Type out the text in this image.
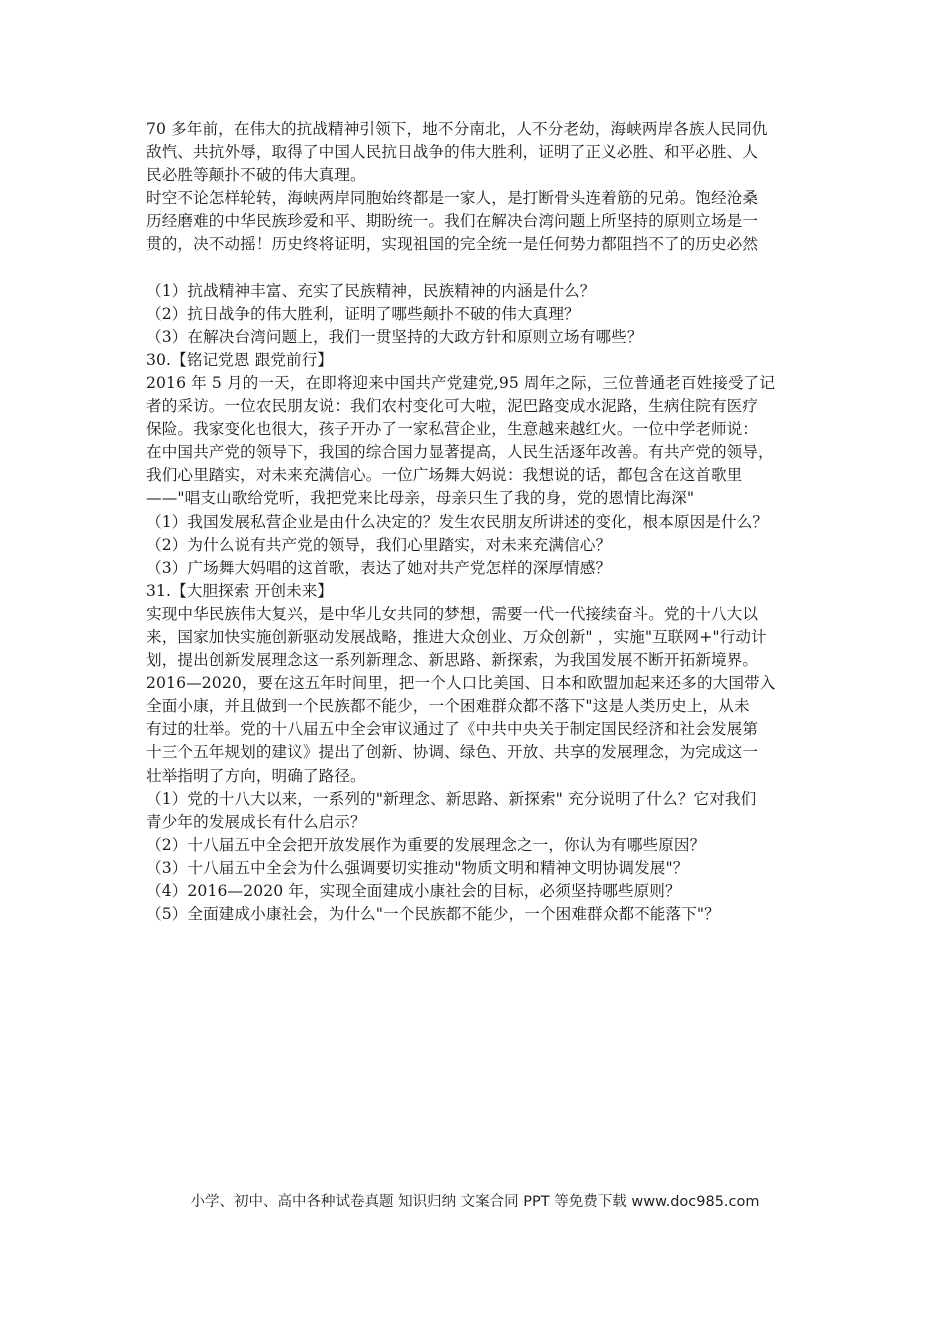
70 多年前，在伟大的抗战精神引领下，地不分南北，人不分老幼，海峡两岸各族人民同仇
敌忾、共抗外辱，取得了中国人民抗日战争的伟大胜利，证明了正义必胜、和平必胜、人
民必胜等颠扑不破的伟大真理。
时空不论怎样轮转，海峡两岸同胞始终都是一家人，是打断骨头连着筋的兄弟。饱经沧桑
历经磨难的中华民族珍爱和平、期盼统一。我们在解决台湾问题上所坚持的原则立场是一
贯的，决不动摇！历史终将证明，实现祖国的完全统一是任何势力都阻挡不了的历史必然
（1）抗战精神丰富、充实了民族精神，民族精神的内涵是什么？
（2）抗日战争的伟大胜利，证明了哪些颠扑不破的伟大真理？
（3）在解决台湾问题上，我们一贯坚持的大政方针和原则立场有哪些？
30.【铭记党恩 跟党前行】
2016 年 5 月的一天，在即将迎来中国共产党建党,95 周年之际，三位普通老百姓接受了记
者的采访。一位农民朋友说：我们农村变化可大啦，泥巴路变成水泥路，生病住院有医疗
保险。我家变化也很大，孩子开办了一家私营企业，生意越来越红火。一位中学老师说：
在中国共产党的领导下，我国的综合国力显著提高，人民生活逐年改善。有共产党的领导，
我们心里踏实，对未来充满信心。一位广场舞大妈说：我想说的话，都包含在这首歌里
——"唱支山歌给党听，我把党来比母亲，母亲只生了我的身，党的恩情比海深"
（1）我国发展私营企业是由什么决定的？发生农民朋友所讲述的变化，根本原因是什么？
（2）为什么说有共产党的领导，我们心里踏实，对未来充满信心？
（3）广场舞大妈唱的这首歌，表达了她对共产党怎样的深厚情感？
31.【大胆探索 开创未来】
实现中华民族伟大复兴，是中华儿女共同的梦想，需要一代一代接续奋斗。党的十八大以
来，国家加快实施创新驱动发展战略，推进大众创业、万众创新" ，实施"互联网+"行动计
划，提出创新发展理念这一系列新理念、新思路、新探索，为我国发展不断开拓新境界。
2016—2020，要在这五年时间里，把一个人口比美国、日本和欧盟加起来还多的大国带入
全面小康，并且做到一个民族都不能少，一个困难群众都不落下"这是人类历史上，从未
有过的壮举。党的十八届五中全会审议通过了《中共中央关于制定国民经济和社会发展第
十三个五年规划的建议》提出了创新、协调、绿色、开放、共享的发展理念，为完成这一
壮举指明了方向，明确了路径。
（1）党的十八大以来，一系列的"新理念、新思路、新探索" 充分说明了什么？它对我们
青少年的发展成长有什么启示？
（2）十八届五中全会把开放发展作为重要的发展理念之一，你认为有哪些原因？
（3）十八届五中全会为什么强调要切实推动"物质文明和精神文明协调发展"？
（4）2016—2020 年，实现全面建成小康社会的目标，必须坚持哪些原则？
（5）全面建成小康社会，为什么"一个民族都不能少，一个困难群众都不能落下"？
小学、初中、高中各种试卷真题 知识归纳 文案合同 PPT 等免费下载 www.doc985.com
